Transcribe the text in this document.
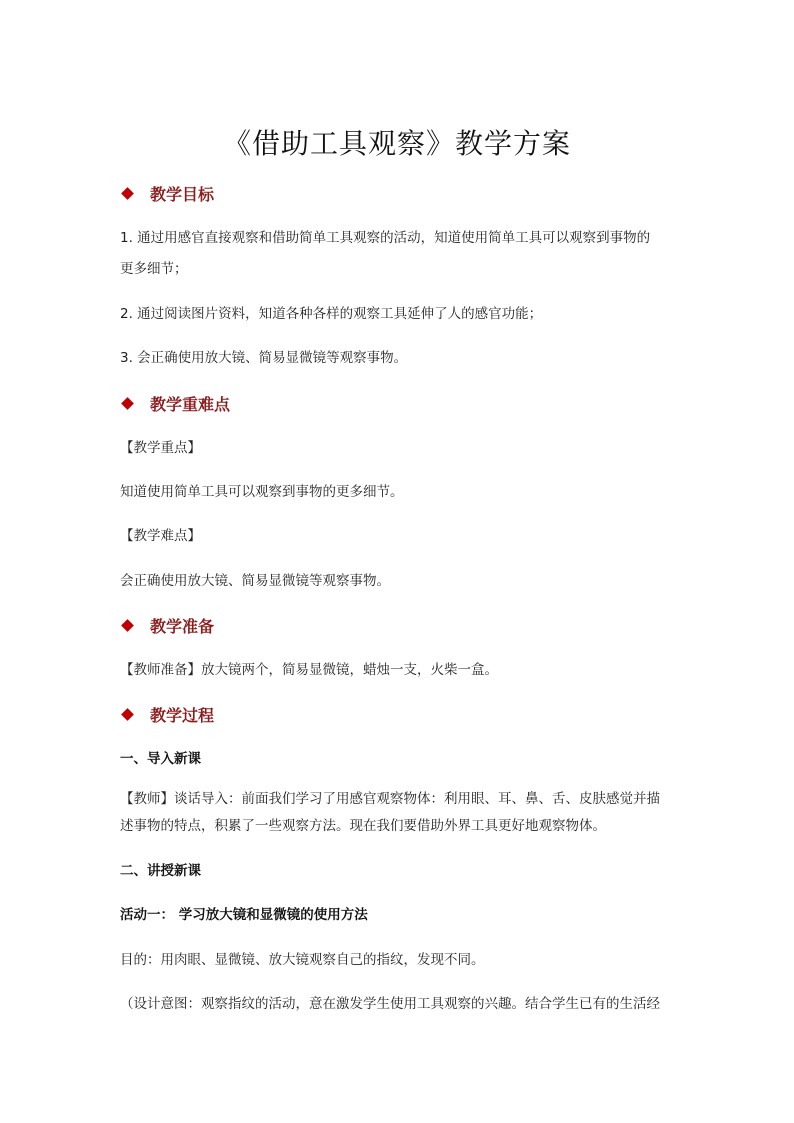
《借助工具观察》教学方案
教学目标
1. 通过用感官直接观察和借助简单工具观察的活动，知道使用简单工具可以观察到事物的
更多细节；
2. 通过阅读图片资料，知道各种各样的观察工具延伸了人的感官功能；
3. 会正确使用放大镜、简易显微镜等观察事物。
教学重难点
【教学重点】
知道使用简单工具可以观察到事物的更多细节。
【教学难点】
会正确使用放大镜、简易显微镜等观察事物。
教学准备
【教师准备】放大镜两个，简易显微镜，蜡烛一支，火柴一盒。
教学过程
一、导入新课
【教师】谈话导入：前面我们学习了用感官观察物体：利用眼、耳、鼻、舌、皮肤感觉并描
述事物的特点，积累了一些观察方法。现在我们要借助外界工具更好地观察物体。
二、讲授新课
活动一： 学习放大镜和显微镜的使用方法
目的：用肉眼、显微镜、放大镜观察自己的指纹，发现不同。
（设计意图：观察指纹的活动，意在激发学生使用工具观察的兴趣。结合学生已有的生活经
